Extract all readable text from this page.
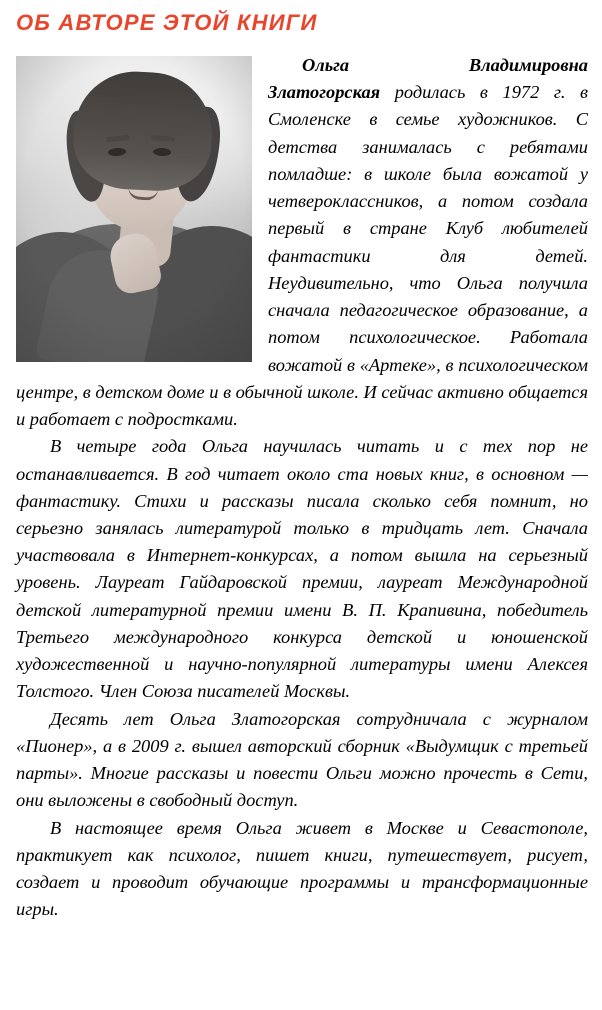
ОБ АВТОРЕ ЭТОЙ КНИГИ

Ольга Владимировна Златогорская родилась в 1972 г. в Смоленске в семье художников. С детства занималась с ребятами помладше: в школе была вожатой у четвероклассников, а потом создала первый в стране Клуб любителей фантастики для детей. Неудивительно, что Ольга получила сначала педагогическое образование, а потом психологическое. Работала вожатой в «Артеке», в психологическом центре, в детском доме и в обычной школе. И сейчас активно общается и работает с подростками.

В четыре года Ольга научилась читать и с тех пор не останавливается. В год читает около ста новых книг, в основном — фантастику. Стихи и рассказы писала сколько себя помнит, но серьезно занялась литературой только в тридцать лет. Сначала участвовала в Интернет-конкурсах, а потом вышла на серьезный уровень. Лауреат Гайдаровской премии, лауреат Международной детской литературной премии имени В. П. Крапивина, победитель Третьего международного конкурса детской и юношенской художественной и научно-популярной литературы имени Алексея Толстого. Член Союза писателей Москвы.

Десять лет Ольга Златогорская сотрудничала с журналом «Пионер», а в 2009 г. вышел авторский сборник «Выдумщик с третьей парты». Многие рассказы и повести Ольги можно прочесть в Сети, они выложены в свободный доступ.

В настоящее время Ольга живет в Москве и Севастополе, практикует как психолог, пишет книги, путешествует, рисует, создает и проводит обучающие программы и трансформационные игры.
